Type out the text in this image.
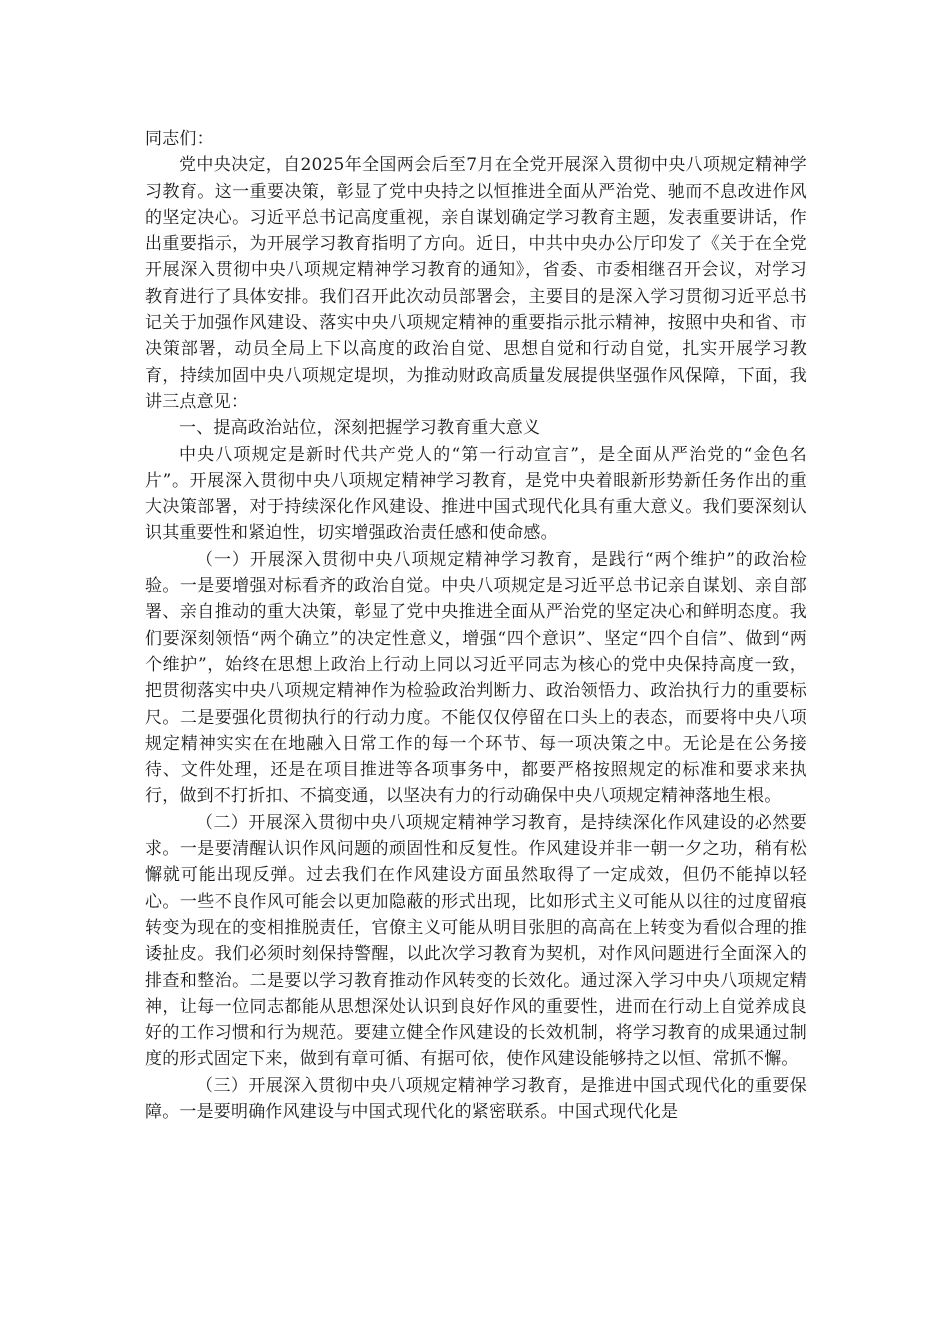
同志们：

党中央决定，自2025年全国两会后至7月在全党开展深入贯彻中央八项规定精神学习教育。这一重要决策，彰显了党中央持之以恒推进全面从严治党、驰而不息改进作风的坚定决心。习近平总书记高度重视，亲自谋划确定学习教育主题，发表重要讲话，作出重要指示，为开展学习教育指明了方向。近日，中共中央办公厅印发了《关于在全党开展深入贯彻中央八项规定精神学习教育的通知》，省委、市委相继召开会议，对学习教育进行了具体安排。我们召开此次动员部署会，主要目的是深入学习贯彻习近平总书记关于加强作风建设、落实中央八项规定精神的重要指示批示精神，按照中央和省、市决策部署，动员全局上下以高度的政治自觉、思想自觉和行动自觉，扎实开展学习教育，持续加固中央八项规定堤坝，为推动财政高质量发展提供坚强作风保障，下面，我讲三点意见：

一、提高政治站位，深刻把握学习教育重大意义

中央八项规定是新时代共产党人的“第一行动宣言”，是全面从严治党的“金色名片”。开展深入贯彻中央八项规定精神学习教育，是党中央着眼新形势新任务作出的重大决策部署，对于持续深化作风建设、推进中国式现代化具有重大意义。我们要深刻认识其重要性和紧迫性，切实增强政治责任感和使命感。

（一）开展深入贯彻中央八项规定精神学习教育，是践行“两个维护”的政治检验。一是要增强对标看齐的政治自觉。中央八项规定是习近平总书记亲自谋划、亲自部署、亲自推动的重大决策，彰显了党中央推进全面从严治党的坚定决心和鲜明态度。我们要深刻领悟“两个确立”的决定性意义，增强“四个意识”、坚定“四个自信”、做到“两个维护”，始终在思想上政治上行动上同以习近平同志为核心的党中央保持高度一致，把贯彻落实中央八项规定精神作为检验政治判断力、政治领悟力、政治执行力的重要标尺。二是要强化贯彻执行的行动力度。不能仅仅停留在口头上的表态，而要将中央八项规定精神实实在在地融入日常工作的每一个环节、每一项决策之中。无论是在公务接待、文件处理，还是在项目推进等各项事务中，都要严格按照规定的标准和要求来执行，做到不打折扣、不搞变通，以坚决有力的行动确保中央八项规定精神落地生根。

（二）开展深入贯彻中央八项规定精神学习教育，是持续深化作风建设的必然要求。一是要清醒认识作风问题的顽固性和反复性。作风建设并非一朝一夕之功，稍有松懈就可能出现反弹。过去我们在作风建设方面虽然取得了一定成效，但仍不能掉以轻心。一些不良作风可能会以更加隐蔽的形式出现，比如形式主义可能从以往的过度留痕转变为现在的变相推脱责任，官僚主义可能从明目张胆的高高在上转变为看似合理的推诿扯皮。我们必须时刻保持警醒，以此次学习教育为契机，对作风问题进行全面深入的排查和整治。二是要以学习教育推动作风转变的长效化。通过深入学习中央八项规定精神，让每一位同志都能从思想深处认识到良好作风的重要性，进而在行动上自觉养成良好的工作习惯和行为规范。要建立健全作风建设的长效机制，将学习教育的成果通过制度的形式固定下来，做到有章可循、有据可依，使作风建设能够持之以恒、常抓不懈。

（三）开展深入贯彻中央八项规定精神学习教育，是推进中国式现代化的重要保障。一是要明确作风建设与中国式现代化的紧密联系。中国式现代化是
